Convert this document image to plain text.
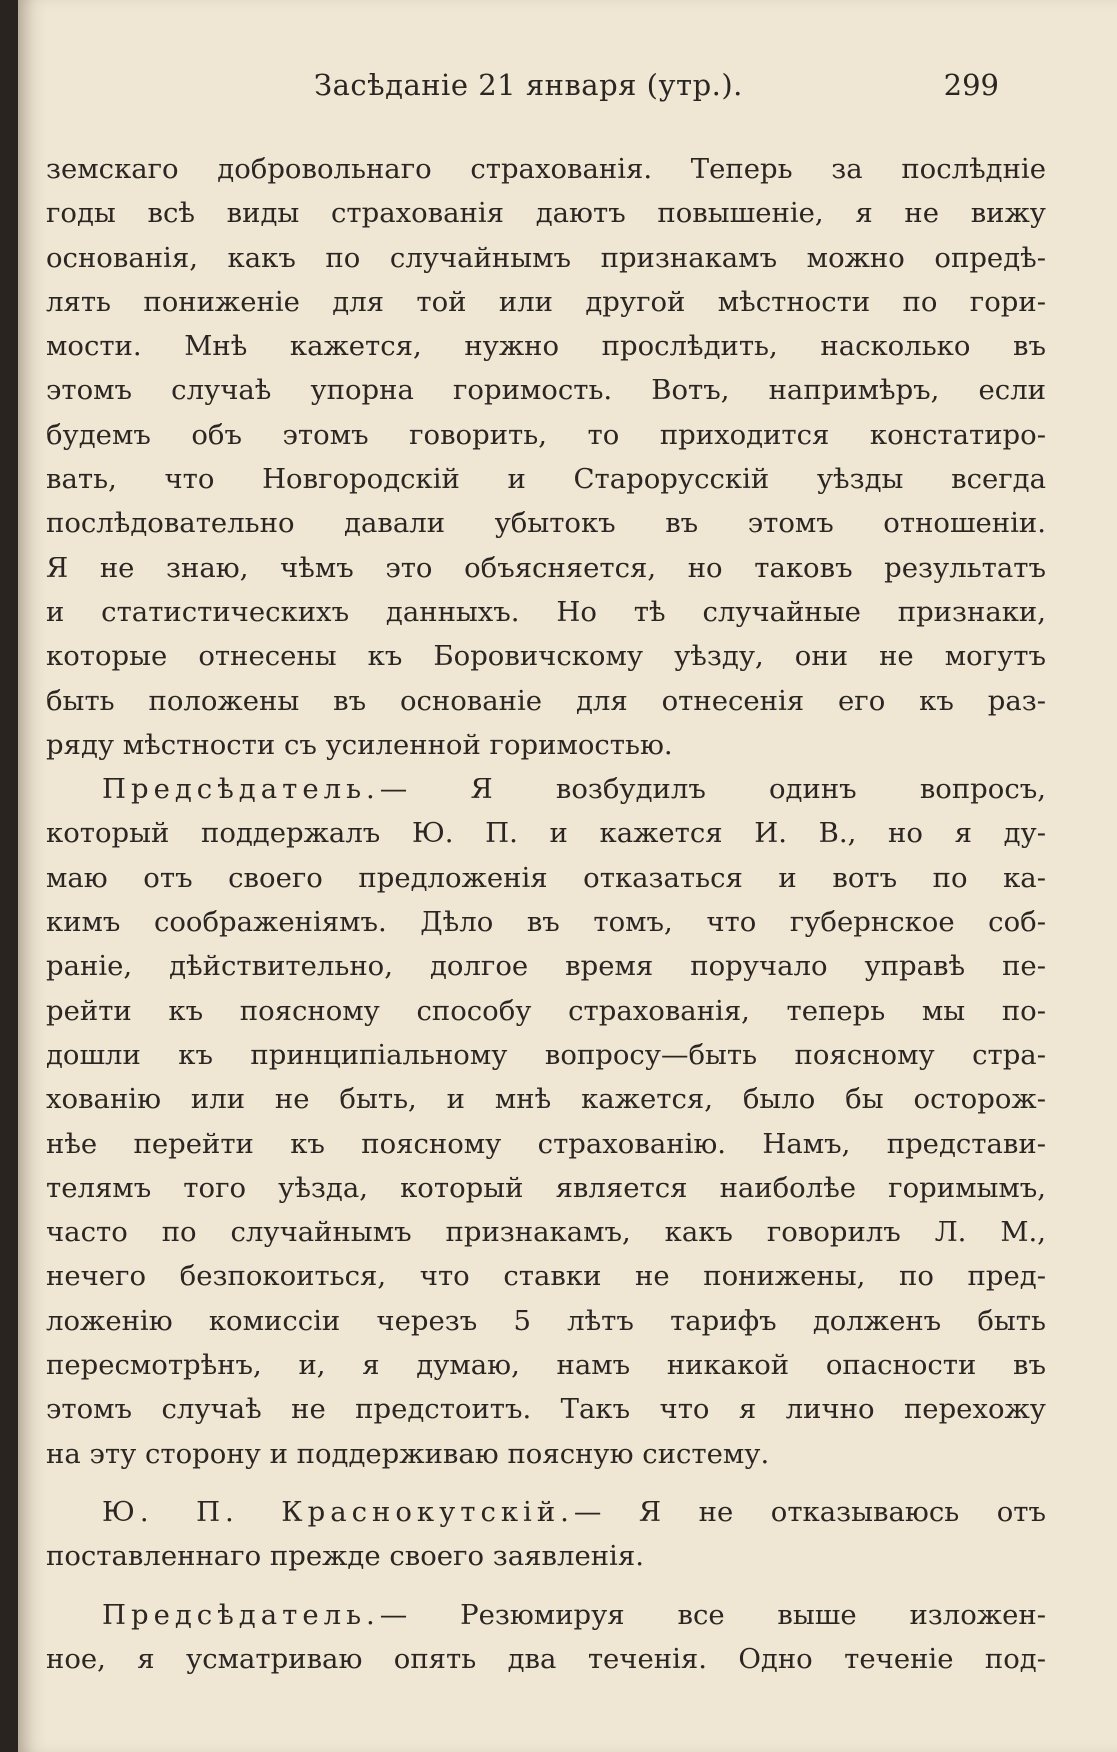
Засѣданіе 21 января (утр.).	299
земскаго добровольнаго страхованія. Теперь за послѣдніе
годы всѣ виды страхованія даютъ повышеніе, я не вижу
основанія, какъ по случайнымъ признакамъ можно опредѣ-
лять пониженіе для той или другой мѣстности по гори-
мости. Мнѣ кажется, нужно прослѣдить, насколько въ
этомъ случаѣ упорна горимость. Вотъ, напримѣръ, если
будемъ объ этомъ говорить, то приходится констатиро-
вать, что Новгородскій и Старорусскій уѣзды всегда
послѣдовательно давали убытокъ въ этомъ отношеніи.
Я не знаю, чѣмъ это объясняется, но таковъ результатъ
и статистическихъ данныхъ. Но тѣ случайные признаки,
которые отнесены къ Боровичскому уѣзду, они не могутъ
быть положены въ основаніе для отнесенія его къ раз-
ряду мѣстности съ усиленной горимостью.
Предсѣдатель.— Я возбудилъ одинъ вопросъ,
который поддержалъ Ю. П. и кажется И. В., но я ду-
маю отъ своего предложенія отказаться и вотъ по ка-
кимъ соображеніямъ. Дѣло въ томъ, что губернское соб-
раніе, дѣйствительно, долгое время поручало управѣ пе-
рейти къ поясному способу страхованія, теперь мы по-
дошли къ принципіальному вопросу—быть поясному стра-
хованію или не быть, и мнѣ кажется, было бы осторож-
нѣе перейти къ поясному страхованію. Намъ, представи-
телямъ того уѣзда, который является наиболѣе горимымъ,
часто по случайнымъ признакамъ, какъ говорилъ Л. М.,
нечего безпокоиться, что ставки не понижены, по пред-
ложенію комиссіи черезъ 5 лѣтъ тарифъ долженъ быть
пересмотрѣнъ, и, я думаю, намъ никакой опасности въ
этомъ случаѣ не предстоитъ. Такъ что я лично перехожу
на эту сторону и поддерживаю поясную систему.
Ю. П. Краснокутскій.— Я не отказываюсь отъ
поставленнаго прежде своего заявленія.
Предсѣдатель.— Резюмируя все выше изложен-
ное, я усматриваю опять два теченія. Одно теченіе под-
